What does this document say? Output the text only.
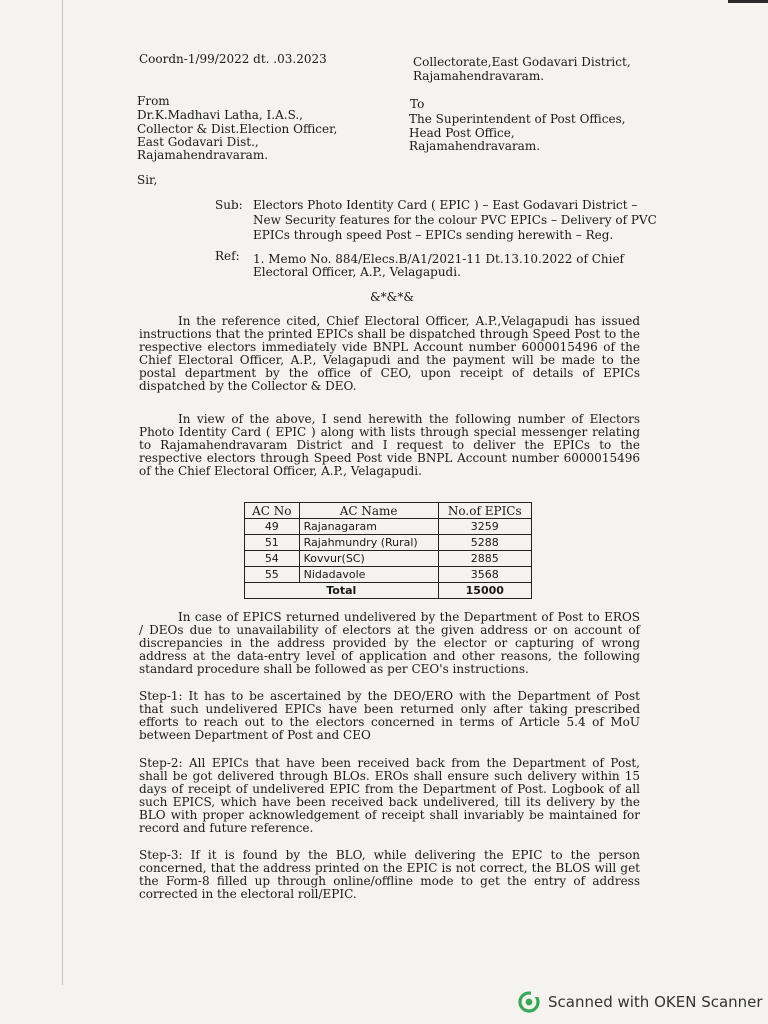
Coordn-1/99/2022 dt. .03.2023	Collectorate,East Godavari District,
Rajamahendravaram.
From
Dr.K.Madhavi Latha, I.A.S.,
Collector & Dist.Election Officer,
East Godavari Dist.,
Rajamahendravaram.
To
The Superintendent of Post Offices,
Head Post Office,
Rajamahendravaram.
Sir,
Sub: Electors Photo Identity Card ( EPIC ) – East Godavari District –
New Security features for the colour PVC EPICs – Delivery of PVC
EPICs through speed Post – EPICs sending herewith – Reg.
Ref: 1. Memo No. 884/Elecs.B/A1/2021-11 Dt.13.10.2022 of Chief
Electoral Officer, A.P., Velagapudi.
&*&*&
In the reference cited, Chief Electoral Officer, A.P.,Velagapudi has issued instructions that the printed EPICs shall be dispatched through Speed Post to the respective electors immediately vide BNPL Account number 6000015496 of the Chief Electoral Officer, A.P., Velagapudi and the payment will be made to the postal department by the office of CEO, upon receipt of details of EPICs dispatched by the Collector & DEO.
In view of the above, I send herewith the following number of Electors Photo Identity Card ( EPIC ) along with lists through special messenger relating to Rajamahendravaram District and I request to deliver the EPICs to the respective electors through Speed Post vide BNPL Account number 6000015496 of the Chief Electoral Officer, A.P., Velagapudi.
AC No	AC Name	No.of EPICs
49	Rajanagaram	3259
51	Rajahmundry (Rural)	5288
54	Kovvur(SC)	2885
55	Nidadavole	3568
Total		15000
In case of EPICS returned undelivered by the Department of Post to EROS / DEOs due to unavailability of electors at the given address or on account of discrepancies in the address provided by the elector or capturing of wrong address at the data-entry level of application and other reasons, the following standard procedure shall be followed as per CEO's instructions.
Step-1: It has to be ascertained by the DEO/ERO with the Department of Post that such undelivered EPICs have been returned only after taking prescribed efforts to reach out to the electors concerned in terms of Article 5.4 of MoU between Department of Post and CEO
Step-2: All EPICs that have been received back from the Department of Post, shall be got delivered through BLOs. EROs shall ensure such delivery within 15 days of receipt of undelivered EPIC from the Department of Post. Logbook of all such EPICS, which have been received back undelivered, till its delivery by the BLO with proper acknowledgement of receipt shall invariably be maintained for record and future reference.
Step-3: If it is found by the BLO, while delivering the EPIC to the person concerned, that the address printed on the EPIC is not correct, the BLOS will get the Form-8 filled up through online/offline mode to get the entry of address corrected in the electoral roll/EPIC.
Scanned with OKEN Scanner
